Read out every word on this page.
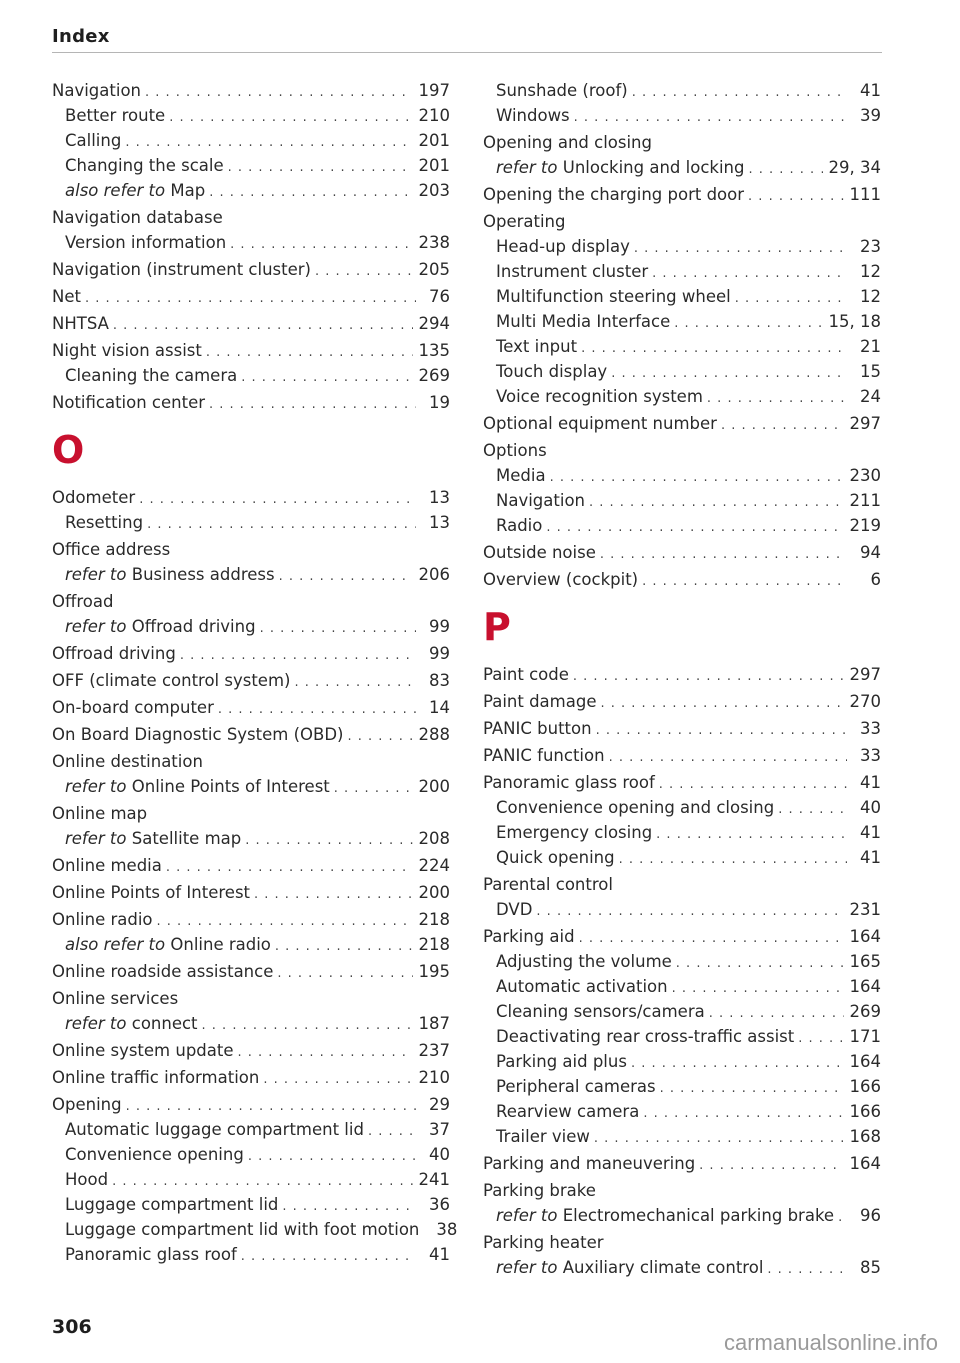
Index
Navigation . . .	197
Better route . . .	210
Calling . . .	201
Changing the scale . . .	201
also refer to Map . . .	203
Navigation database
Version information . . .	238
Navigation (instrument cluster) . . .	205
Net . . .	76
NHTSA . . .	294
Night vision assist . . .	135
Cleaning the camera . . .	269
Notification center . . .	19
O
Odometer . . .	13
Resetting . . .	13
Office address
refer to Business address . . .	206
Offroad
refer to Offroad driving . . .	99
Offroad driving . . .	99
OFF (climate control system) . . .	83
On-board computer . . .	14
On Board Diagnostic System (OBD) . . .	288
Online destination
refer to Online Points of Interest . . .	200
Online map
refer to Satellite map . . .	208
Online media . . .	224
Online Points of Interest . . .	200
Online radio . . .	218
also refer to Online radio . . .	218
Online roadside assistance . . .	195
Online services
refer to connect . . .	187
Online system update . . .	237
Online traffic information . . .	210
Opening . . .	29
Automatic luggage compartment lid . . .	37
Convenience opening . . .	40
Hood . . .	241
Luggage compartment lid . . .	36
Luggage compartment lid with foot motion	38
Panoramic glass roof . . .	41
Sunshade (roof) . . .	41
Windows . . .	39
Opening and closing
refer to Unlocking and locking . . .	29, 34
Opening the charging port door . . .	111
Operating
Head-up display . . .	23
Instrument cluster . . .	12
Multifunction steering wheel . . .	12
Multi Media Interface . . .	15, 18
Text input . . .	21
Touch display . . .	15
Voice recognition system . . .	24
Optional equipment number . . .	297
Options
Media . . .	230
Navigation . . .	211
Radio . . .	219
Outside noise . . .	94
Overview (cockpit) . . .	6
P
Paint code . . .	297
Paint damage . . .	270
PANIC button . . .	33
PANIC function . . .	33
Panoramic glass roof . . .	41
Convenience opening and closing . . .	40
Emergency closing . . .	41
Quick opening . . .	41
Parental control
DVD . . .	231
Parking aid . . .	164
Adjusting the volume . . .	165
Automatic activation . . .	164
Cleaning sensors/camera . . .	269
Deactivating rear cross-traffic assist . . .	171
Parking aid plus . . .	164
Peripheral cameras . . .	166
Rearview camera . . .	166
Trailer view . . .	168
Parking and maneuvering . . .	164
Parking brake
refer to Electromechanical parking brake . . .	96
Parking heater
refer to Auxiliary climate control . . .	85
306
carmanualsonline.info
